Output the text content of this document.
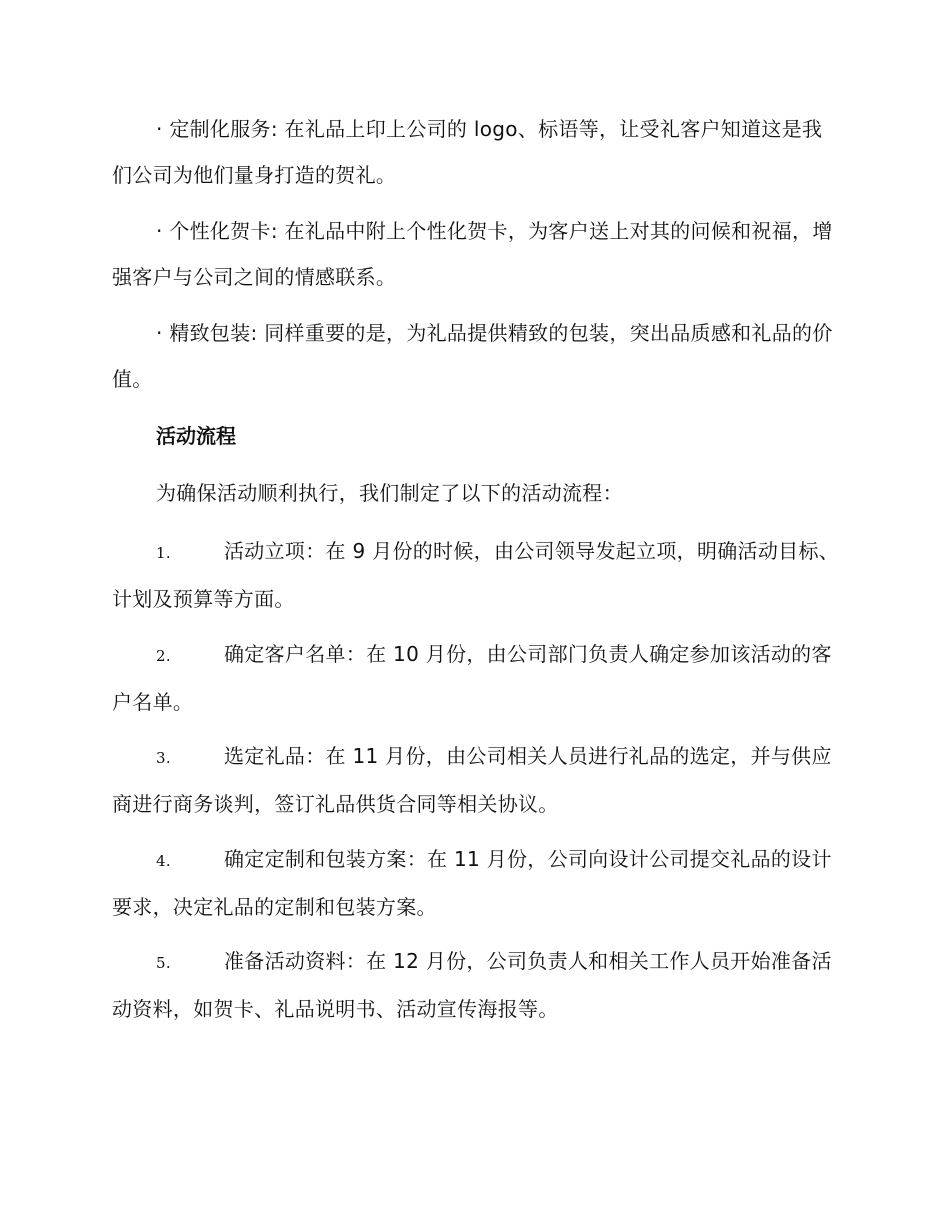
· 定制化服务: 在礼品上印上公司的 logo、标语等，让受礼客户知道这是我们公司为他们量身打造的贺礼。
· 个性化贺卡: 在礼品中附上个性化贺卡，为客户送上对其的问候和祝福，增强客户与公司之间的情感联系。
· 精致包装: 同样重要的是，为礼品提供精致的包装，突出品质感和礼品的价值。
活动流程
为确保活动顺利执行，我们制定了以下的活动流程：
1.	活动立项：在 9 月份的时候，由公司领导发起立项，明确活动目标、计划及预算等方面。
2.	确定客户名单：在 10 月份，由公司部门负责人确定参加该活动的客户名单。
3.	选定礼品：在 11 月份，由公司相关人员进行礼品的选定，并与供应商进行商务谈判，签订礼品供货合同等相关协议。
4.	确定定制和包装方案：在 11 月份，公司向设计公司提交礼品的设计要求，决定礼品的定制和包装方案。
5.	准备活动资料：在 12 月份，公司负责人和相关工作人员开始准备活动资料，如贺卡、礼品说明书、活动宣传海报等。
